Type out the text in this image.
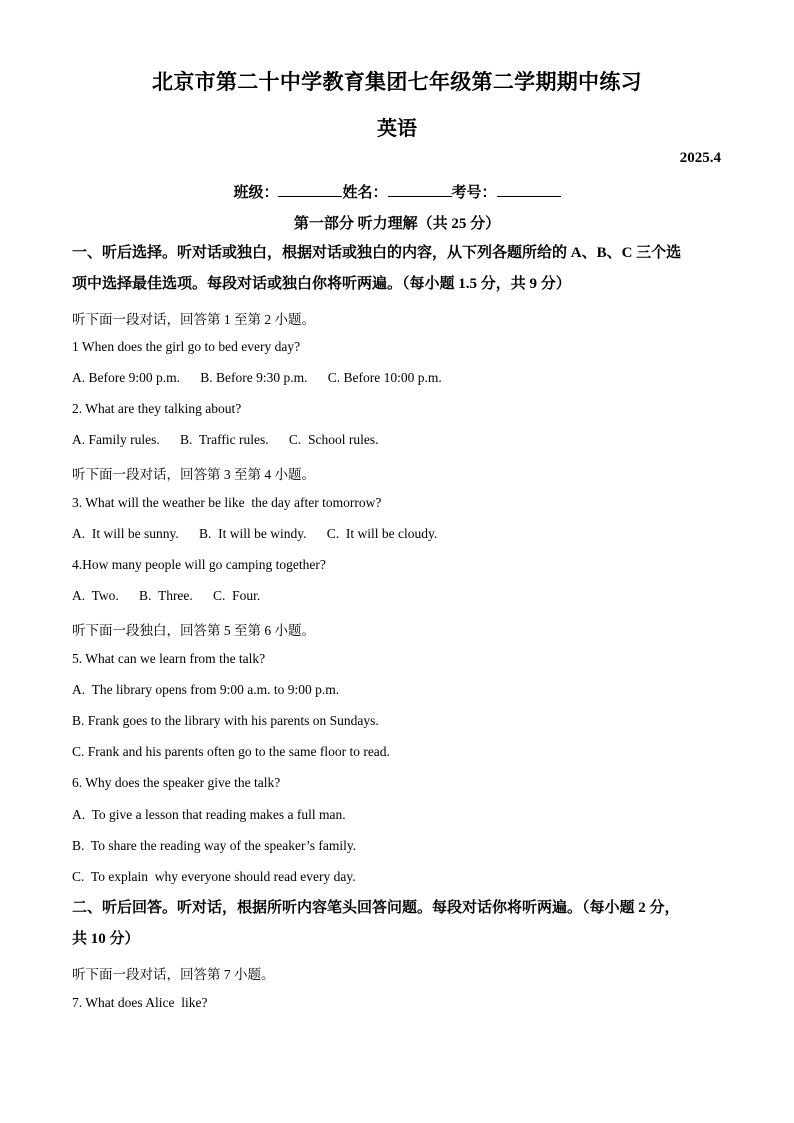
北京市第二十中学教育集团七年级第二学期期中练习
英语
2025.4
班级：	姓名：	考号：
第一部分 听力理解（共 25 分）
一、听后选择。听对话或独白，根据对话或独白的内容，从下列各题所给的 A、B、C 三个选
项中选择最佳选项。每段对话或独白你将听两遍。（每小题 1.5 分，共 9 分）
听下面一段对话，回答第 1 至第 2 小题。
1 When does the girl go to bed every day?
A. Before 9:00 p.m.      B. Before 9:30 p.m.      C. Before 10:00 p.m.
2. What are they talking about?
A. Family rules.      B.  Traffic rules.      C.  School rules.
听下面一段对话，回答第 3 至第 4 小题。
3. What will the weather be like  the day after tomorrow?
A.  It will be sunny.      B.  It will be windy.      C.  It will be cloudy.
4.How many people will go camping together?
A.  Two.      B.  Three.      C.  Four.
听下面一段独白，回答第 5 至第 6 小题。
5. What can we learn from the talk?
A.  The library opens from 9:00 a.m. to 9:00 p.m.
B. Frank goes to the library with his parents on Sundays.
C. Frank and his parents often go to the same floor to read.
6. Why does the speaker give the talk?
A.  To give a lesson that reading makes a full man.
B.  To share the reading way of the speaker’s family.
C.  To explain  why everyone should read every day.
二、听后回答。听对话，根据所听内容笔头回答问题。每段对话你将听两遍。（每小题 2 分，
共 10 分）
听下面一段对话，回答第 7 小题。
7. What does Alice  like?
